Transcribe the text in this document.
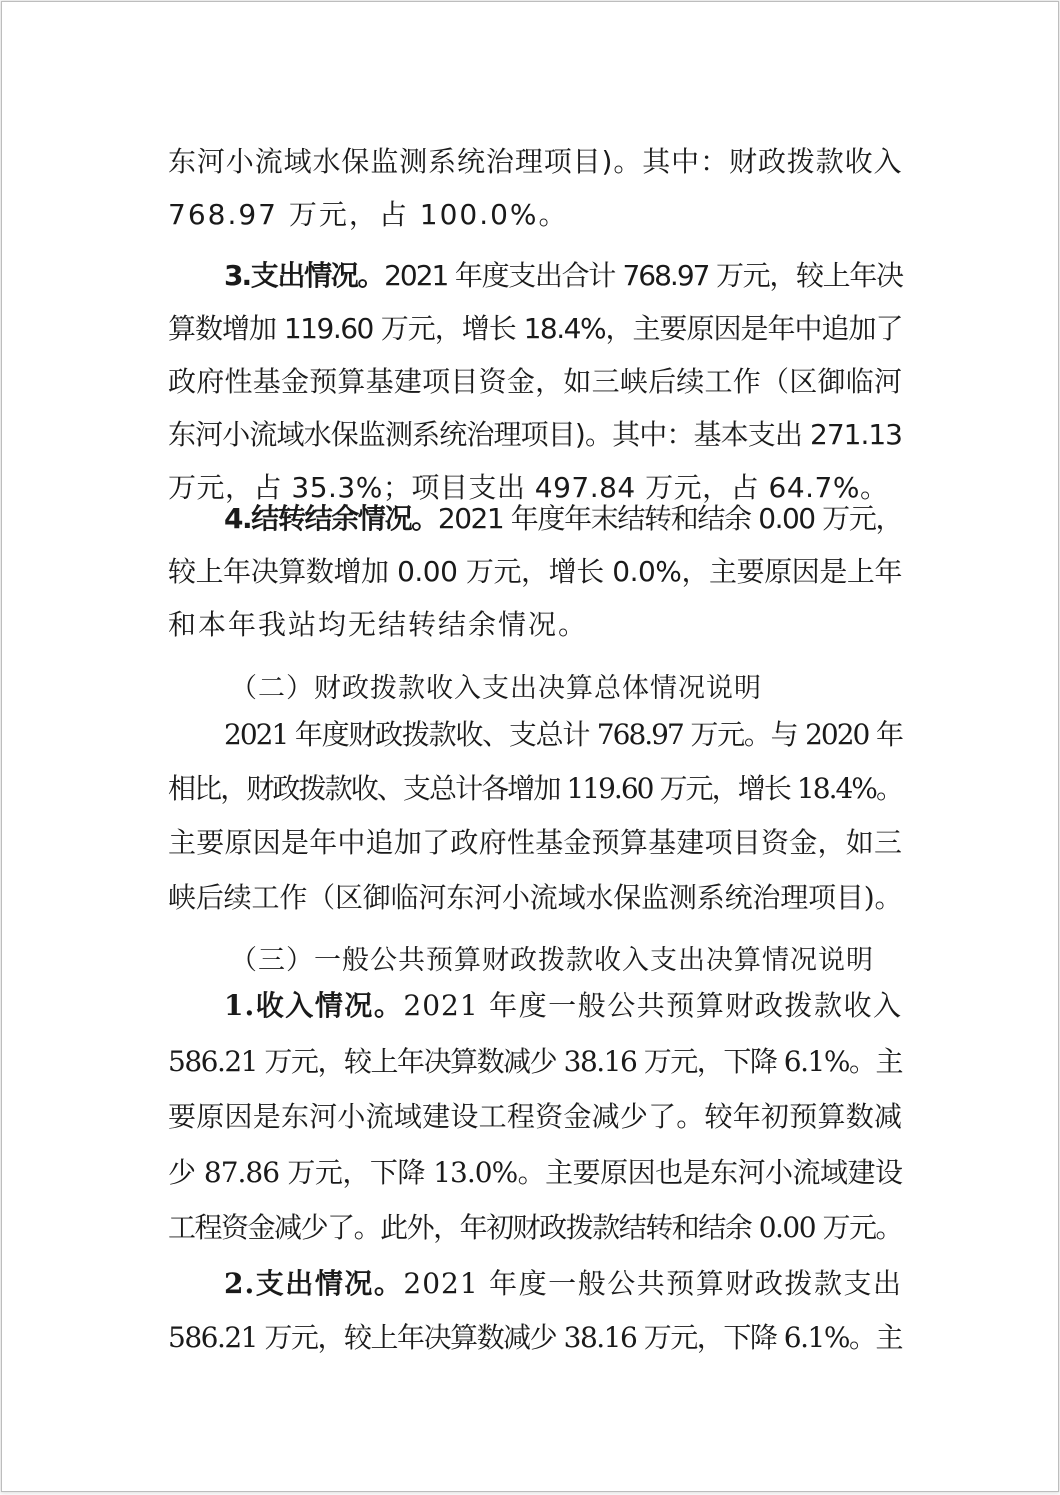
东河小流域水保监测系统治理项目)。其中：财政拨款收入
768.97 万元，占 100.0%。
3.支出情况。2021 年度支出合计 768.97 万元，较上年决
算数增加 119.60 万元，增长 18.4%，主要原因是年中追加了
政府性基金预算基建项目资金，如三峡后续工作（区御临河
东河小流域水保监测系统治理项目)。其中：基本支出 271.13
万元，占 35.3%；项目支出 497.84 万元，占 64.7%。
4.结转结余情况。2021 年度年末结转和结余 0.00 万元，
较上年决算数增加 0.00 万元，增长 0.0%，主要原因是上年
和本年我站均无结转结余情况。
（二）财政拨款收入支出决算总体情况说明
2021 年度财政拨款收、支总计 768.97 万元。与 2020 年
相比，财政拨款收、支总计各增加 119.60 万元，增长 18.4%。
主要原因是年中追加了政府性基金预算基建项目资金，如三
峡后续工作（区御临河东河小流域水保监测系统治理项目)。
（三）一般公共预算财政拨款收入支出决算情况说明
1.收入情况。2021 年度一般公共预算财政拨款收入
586.21 万元，较上年决算数减少 38.16 万元，下降 6.1%。主
要原因是东河小流域建设工程资金减少了。较年初预算数减
少 87.86 万元，下降 13.0%。主要原因也是东河小流域建设
工程资金减少了。此外，年初财政拨款结转和结余 0.00 万元。
2.支出情况。2021 年度一般公共预算财政拨款支出
586.21 万元，较上年决算数减少 38.16 万元，下降 6.1%。主
